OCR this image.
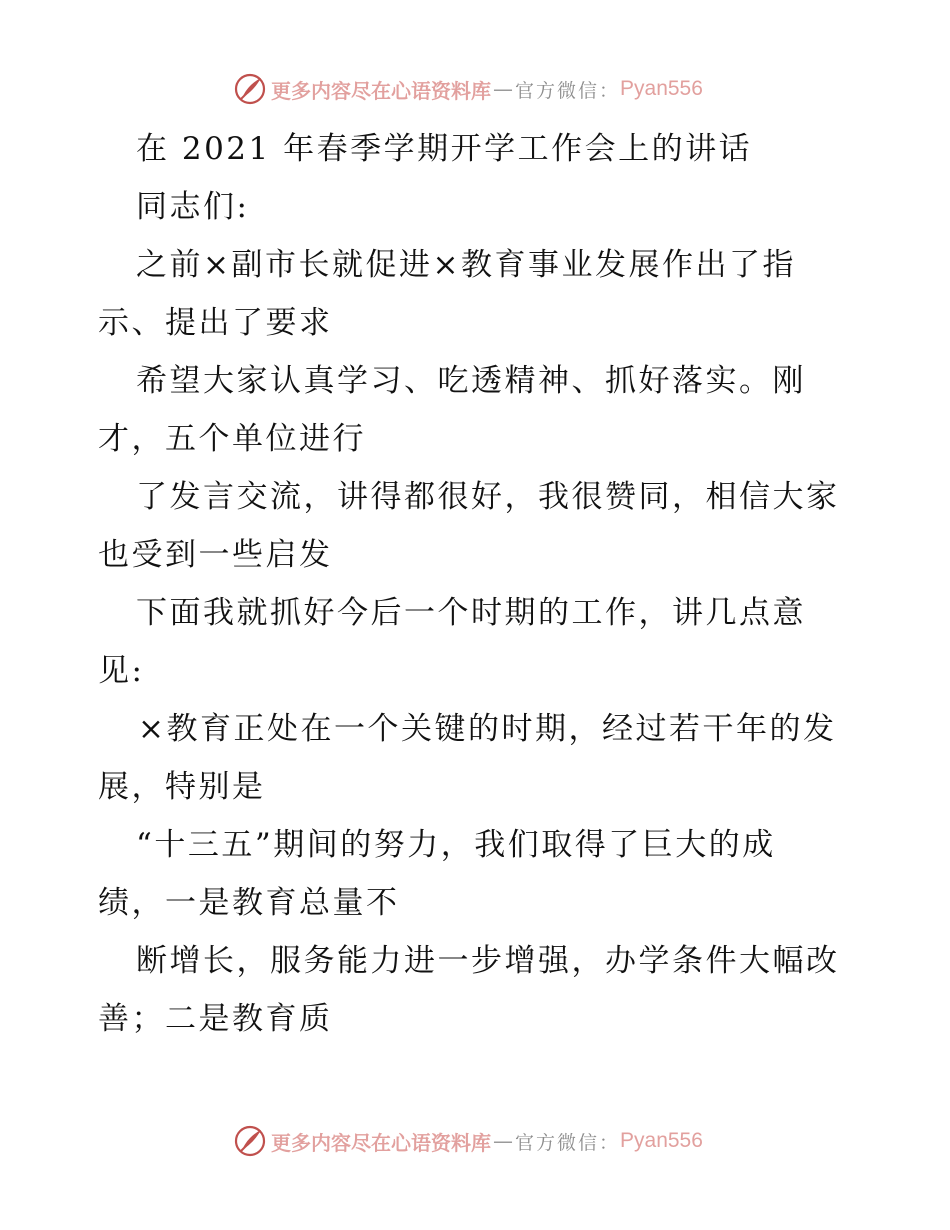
更多内容尽在心语资料库 — 官方微信： Pyan556
在 2021 年春季学期开学工作会上的讲话
同志们:
之前×副市长就促进×教育事业发展作出了指
示、提出了要求
希望大家认真学习、吃透精神、抓好落实。刚
才，五个单位进行
了发言交流，讲得都很好，我很赞同，相信大家
也受到一些启发
下面我就抓好今后一个时期的工作，讲几点意
见:
×教育正处在一个关键的时期，经过若干年的发
展，特别是
“十三五”期间的努力，我们取得了巨大的成
绩，一是教育总量不
断增长，服务能力进一步增强，办学条件大幅改
善；二是教育质
更多内容尽在心语资料库 — 官方微信： Pyan556
